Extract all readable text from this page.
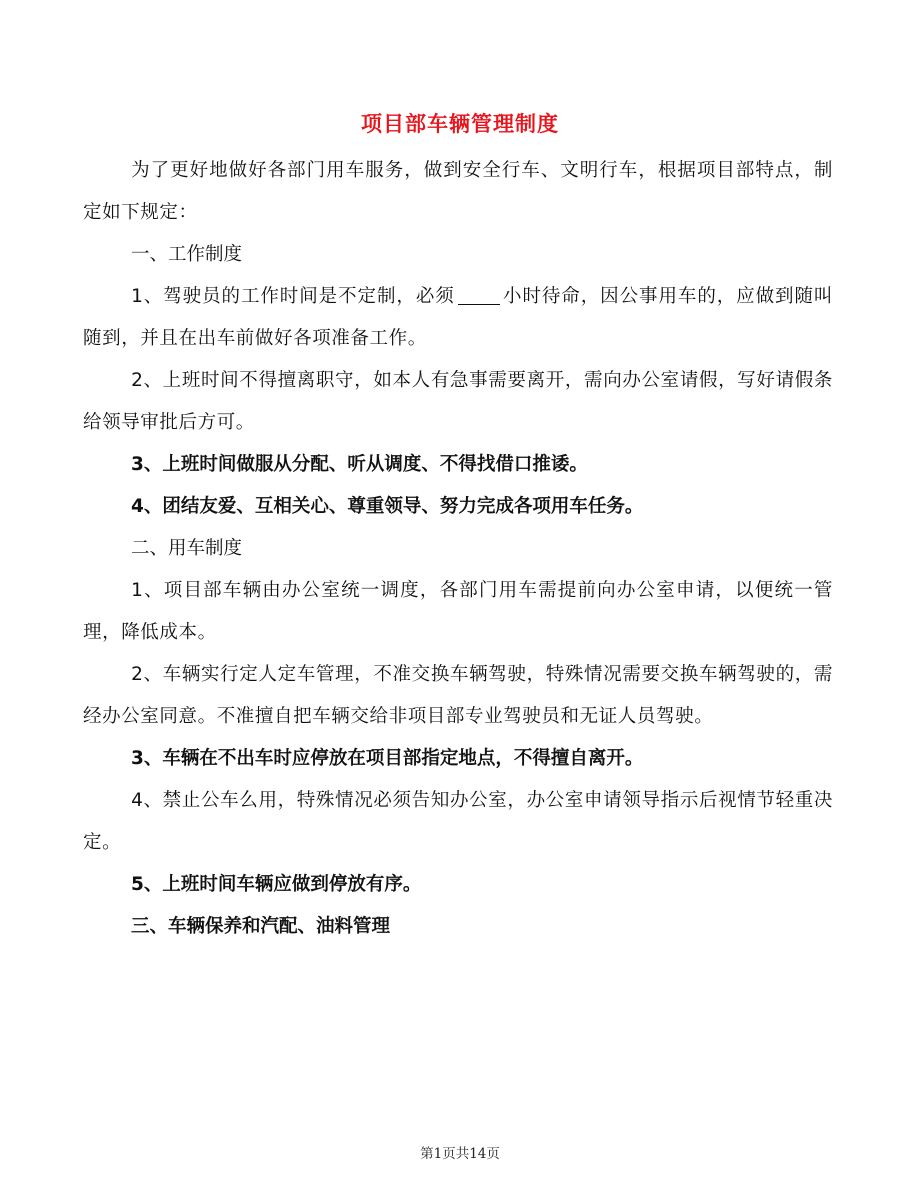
项目部车辆管理制度

为了更好地做好各部门用车服务，做到安全行车、文明行车，根据项目部特点，制定如下规定：

一、工作制度

1、驾驶员的工作时间是不定制，必须	小时待命，因公事用车的，应做到随叫随到，并且在出车前做好各项准备工作。

2、上班时间不得擅离职守，如本人有急事需要离开，需向办公室请假，写好请假条给领导审批后方可。

3、上班时间做服从分配、听从调度、不得找借口推诿。

4、团结友爱、互相关心、尊重领导、努力完成各项用车任务。

二、用车制度

1、项目部车辆由办公室统一调度，各部门用车需提前向办公室申请，以便统一管理，降低成本。

2、车辆实行定人定车管理，不准交换车辆驾驶，特殊情况需要交换车辆驾驶的，需经办公室同意。不准擅自把车辆交给非项目部专业驾驶员和无证人员驾驶。

3、车辆在不出车时应停放在项目部指定地点，不得擅自离开。

4、禁止公车么用，特殊情况必须告知办公室，办公室申请领导指示后视情节轻重决定。

5、上班时间车辆应做到停放有序。

三、车辆保养和汽配、油料管理

第1页共14页
